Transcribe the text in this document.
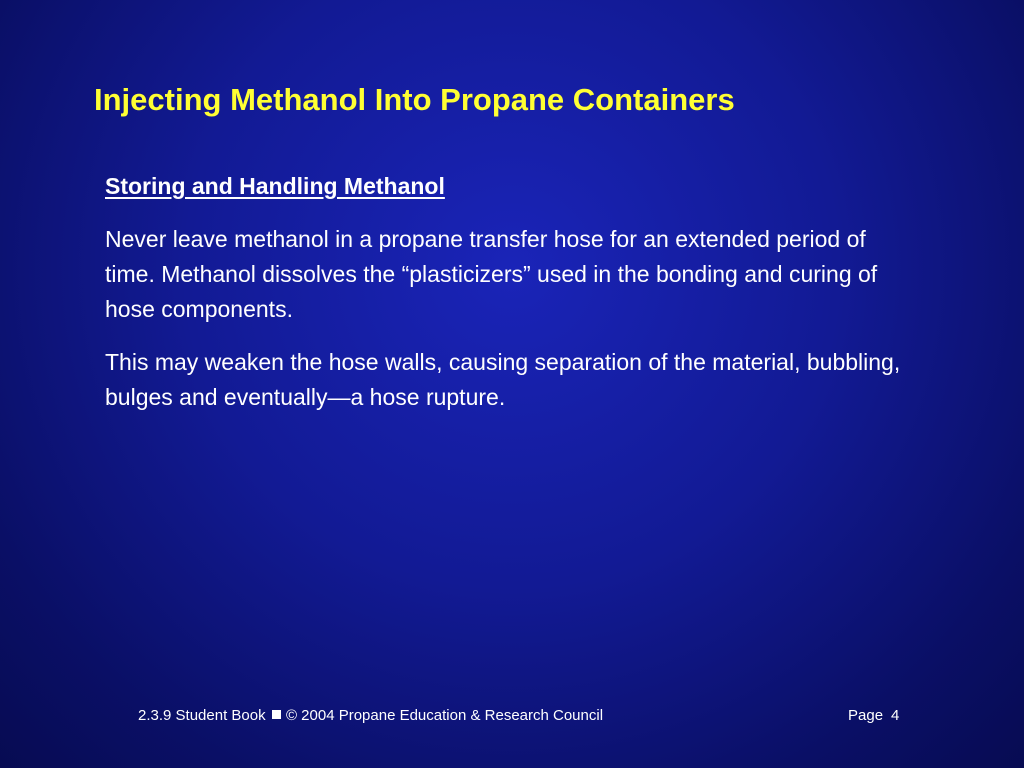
Injecting Methanol Into Propane Containers

Storing and Handling Methanol

Never leave methanol in a propane transfer hose for an extended period of time. Methanol dissolves the “plasticizers” used in the bonding and curing of hose components.

This may weaken the hose walls, causing separation of the material, bubbling, bulges and eventually—a hose rupture.

2.3.9 Student Book © 2004 Propane Education & Research Council	Page 4
